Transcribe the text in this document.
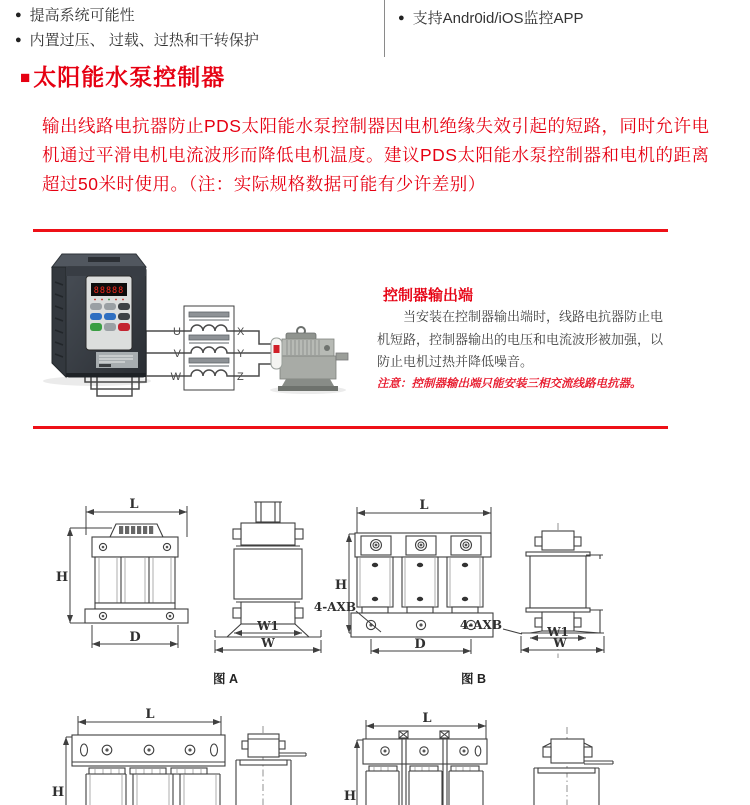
● 提高系统可能性
● 内置过压、 过载、过热和干转保护
● 支持Andr0id/iOS监控APP
■太阳能水泵控制器
输出线路电抗器防止PDS太阳能水泵控制器因电机绝缘失效引起的短路，同时允许电机通过平滑电机电流波形而降低电机温度。建议PDS太阳能水泵控制器和电机的距离超过50米时使用。（注：实际规格数据可能有少许差别）
控制器输出端
当安装在控制器输出端时，线路电抗器防止电机短路，控制器输出的电压和电流波形被加强，以防止电机过热并降低噪音。
注意：控制器输出端只能安装三相交流线路电抗器。
88888
U	X
V	Y
W	Z
L
H
D
W1
W
L
H
4-AXB
D
W1
W
4-AXB
图 A	图 B
L
H
L
H
